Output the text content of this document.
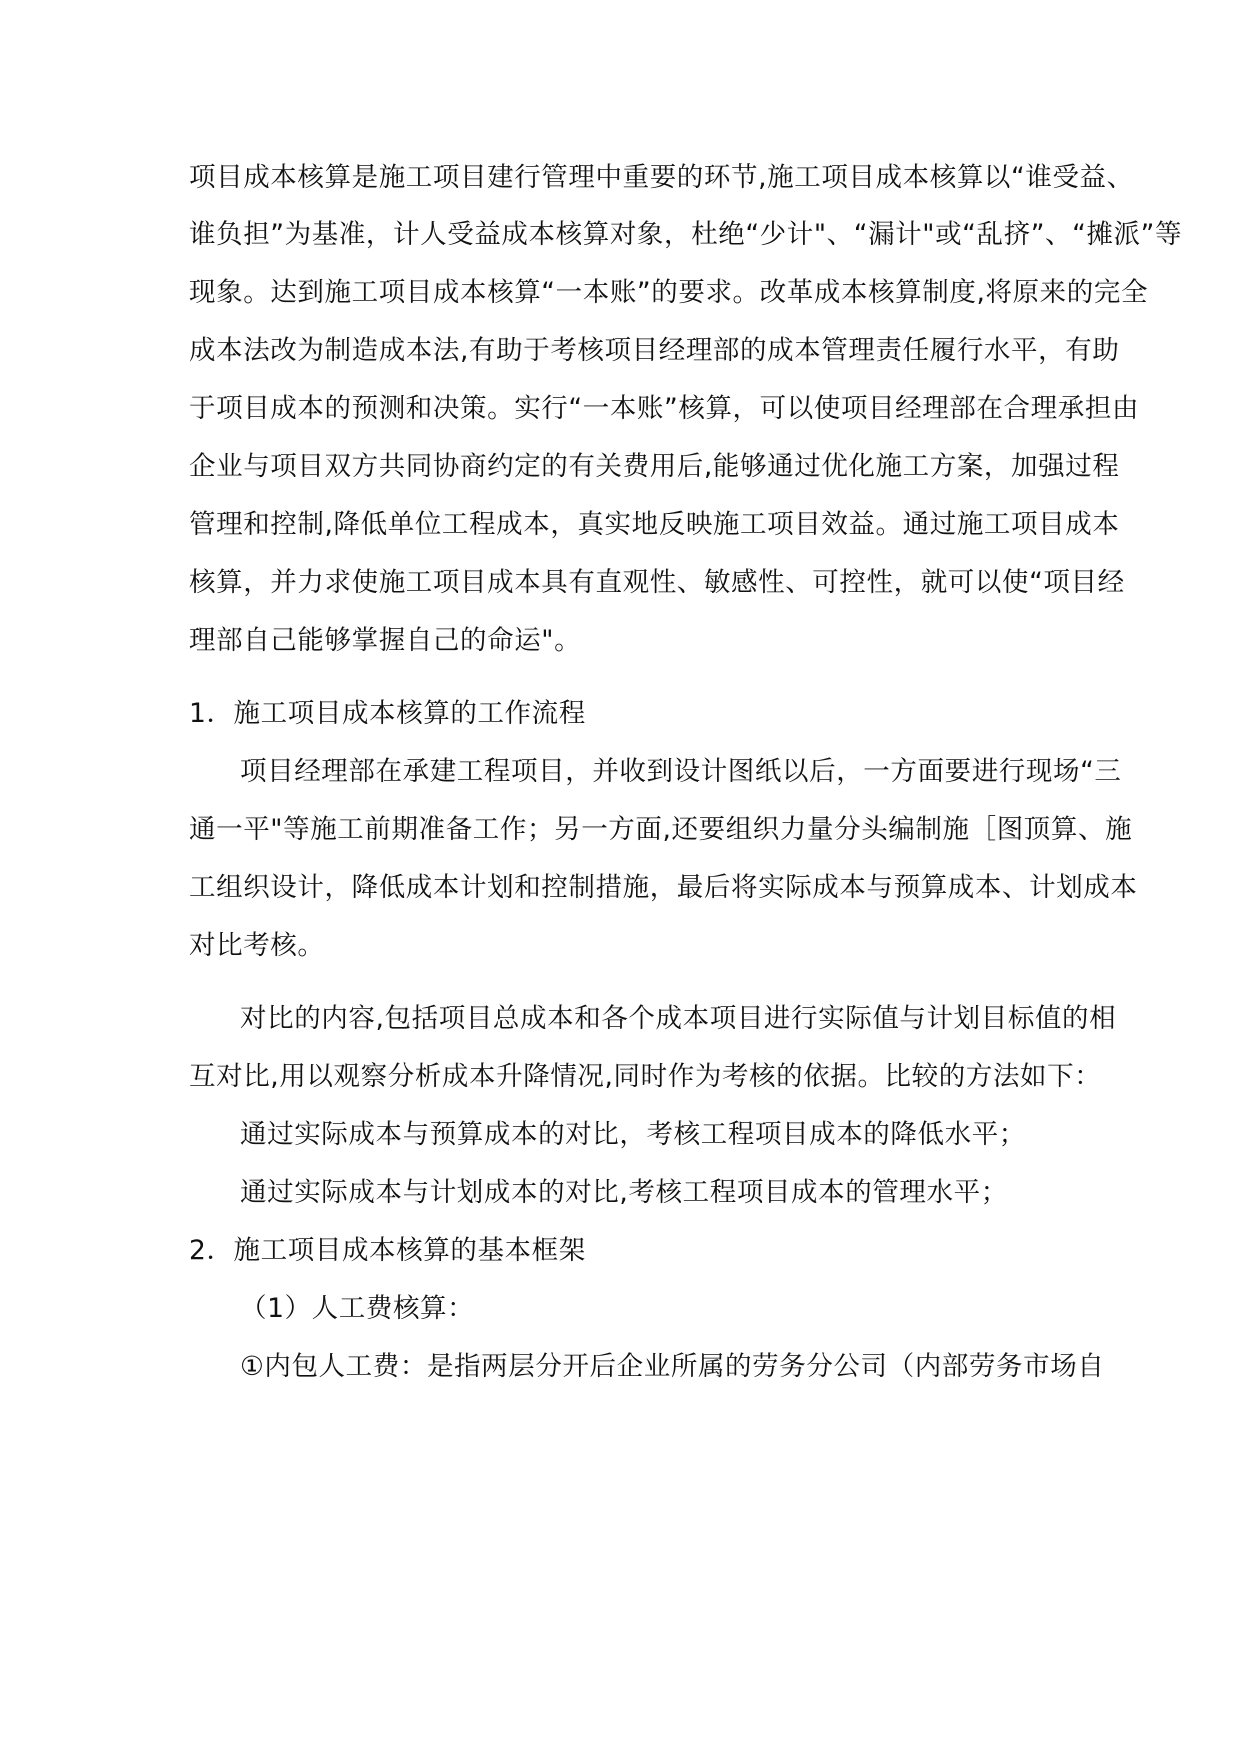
项目成本核算是施工项目建行管理中重要的环节,施工项目成本核算以“谁受益、
谁负担”为基准，计人受益成本核算对象，杜绝“少计"、“漏计"或“乱挤”、“摊派”等
现象。达到施工项目成本核算“一本账”的要求。改革成本核算制度,将原来的完全
成本法改为制造成本法,有助于考核项目经理部的成本管理责任履行水平，有助
于项目成本的预测和决策。实行“一本账”核算，可以使项目经理部在合理承担由
企业与项目双方共同协商约定的有关费用后,能够通过优化施工方案，加强过程
管理和控制,降低单位工程成本，真实地反映施工项目效益。通过施工项目成本
核算，并力求使施工项目成本具有直观性、敏感性、可控性，就可以使“项目经
理部自己能够掌握自己的命运"。
1．施工项目成本核算的工作流程
项目经理部在承建工程项目，并收到设计图纸以后，一方面要进行现场“三
通一平"等施工前期准备工作；另一方面,还要组织力量分头编制施［图顶算、施
工组织设计，降低成本计划和控制措施，最后将实际成本与预算成本、计划成本
对比考核。
对比的内容,包括项目总成本和各个成本项目进行实际值与计划目标值的相
互对比,用以观察分析成本升降情况,同时作为考核的依据。比较的方法如下：
通过实际成本与预算成本的对比，考核工程项目成本的降低水平；
通过实际成本与计划成本的对比,考核工程项目成本的管理水平；
2．施工项目成本核算的基本框架
（1）人工费核算：
①内包人工费：是指两层分开后企业所属的劳务分公司（内部劳务市场自
